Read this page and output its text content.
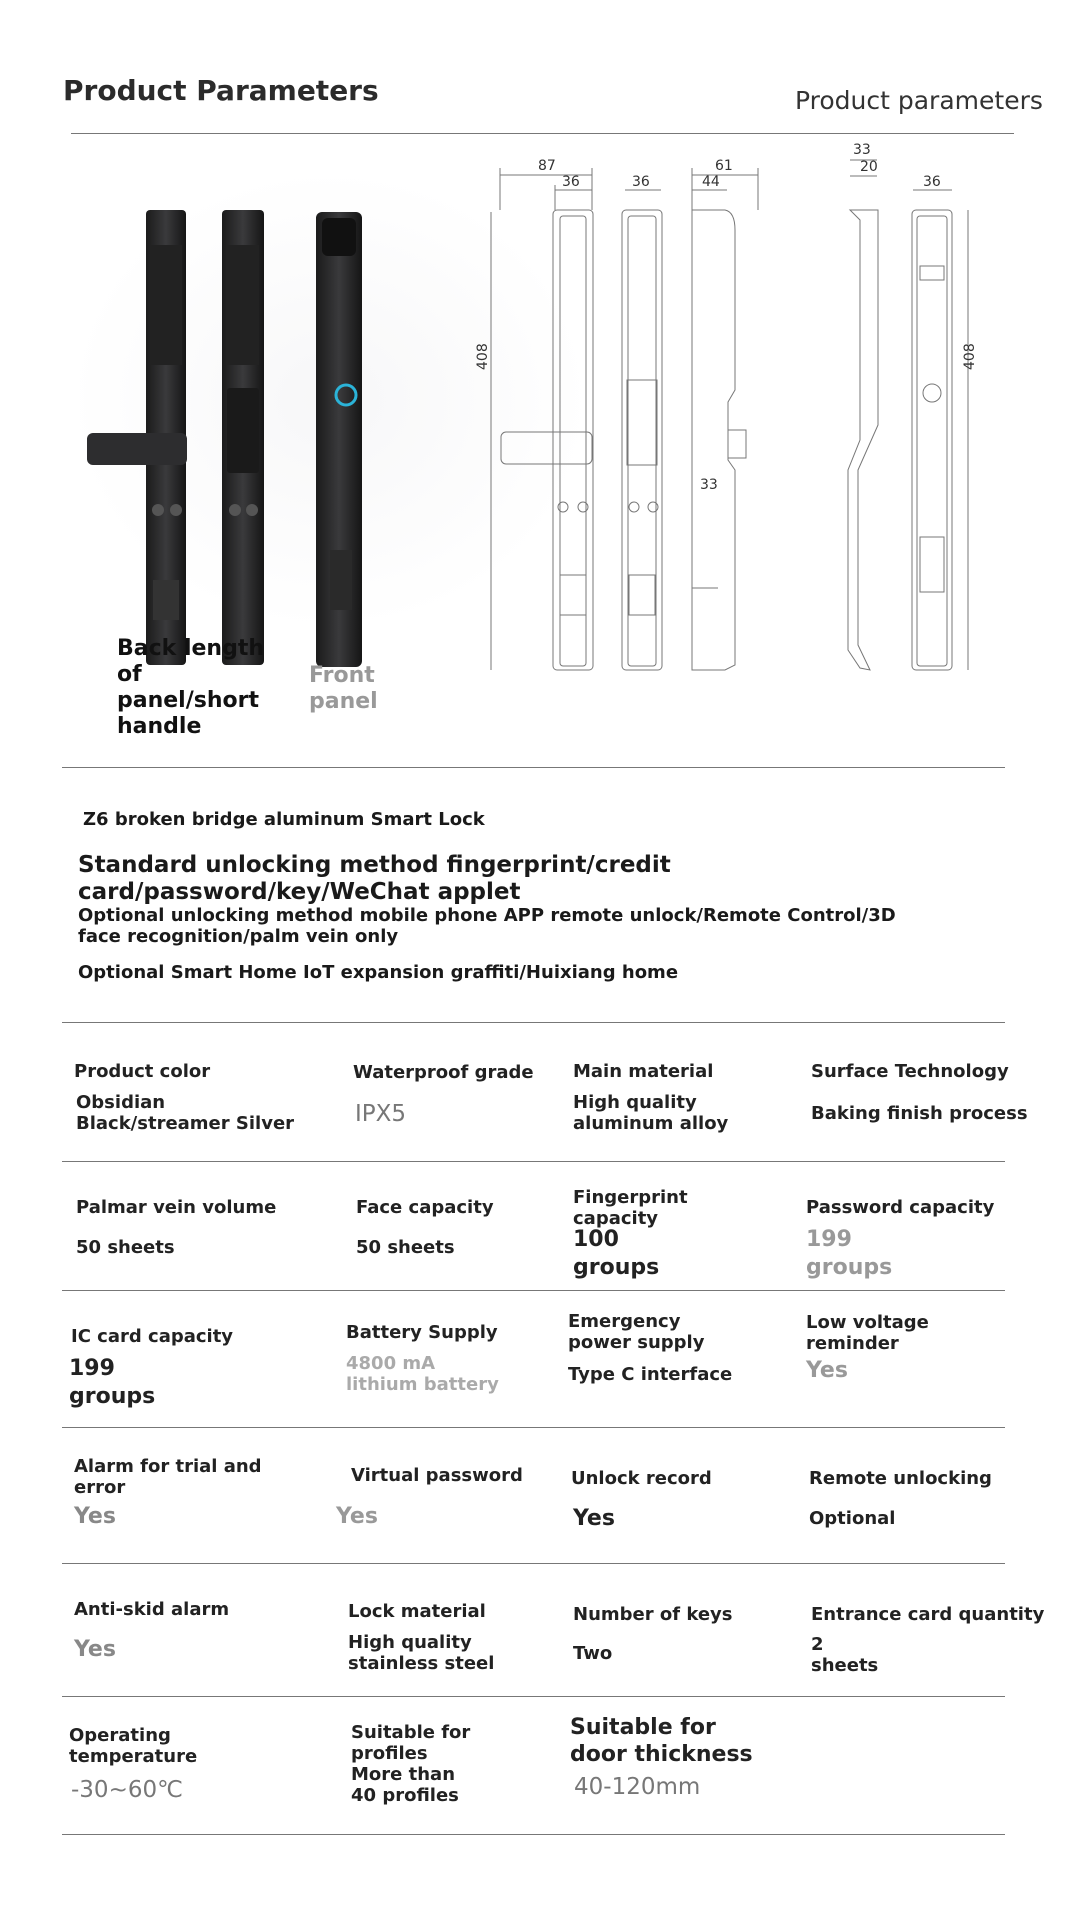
Product Parameters	Product parameters
87
36	36
61
44
33
20
36
33
408	408
Back length of panel/short handle
Front panel
Z6 broken bridge aluminum Smart Lock
Standard unlocking method fingerprint/credit card/password/key/WeChat applet
Optional unlocking method mobile phone APP remote unlock/Remote Control/3D face recognition/palm vein only
Optional Smart Home IoT expansion graffiti/Huixiang home
Product color
Obsidian Black/streamer Silver
Waterproof grade
IPX5
Main material
High quality aluminum alloy
Surface Technology
Baking finish process
Palmar vein volume
50 sheets
Face capacity
50 sheets
Fingerprint capacity
100 groups
Password capacity
199 groups
IC card capacity
199 groups
Battery Supply
4800 mA lithium battery
Emergency power supply
Type C interface
Low voltage reminder
Yes
Alarm for trial and error
Yes
Virtual password
Yes
Unlock record
Yes
Remote unlocking
Optional
Anti-skid alarm
Yes
Lock material
High quality stainless steel
Number of keys
Two
Entrance card quantity
2 sheets
Operating temperature
-30~60℃
Suitable for profiles
More than 40 profiles
Suitable for door thickness
40-120mm
